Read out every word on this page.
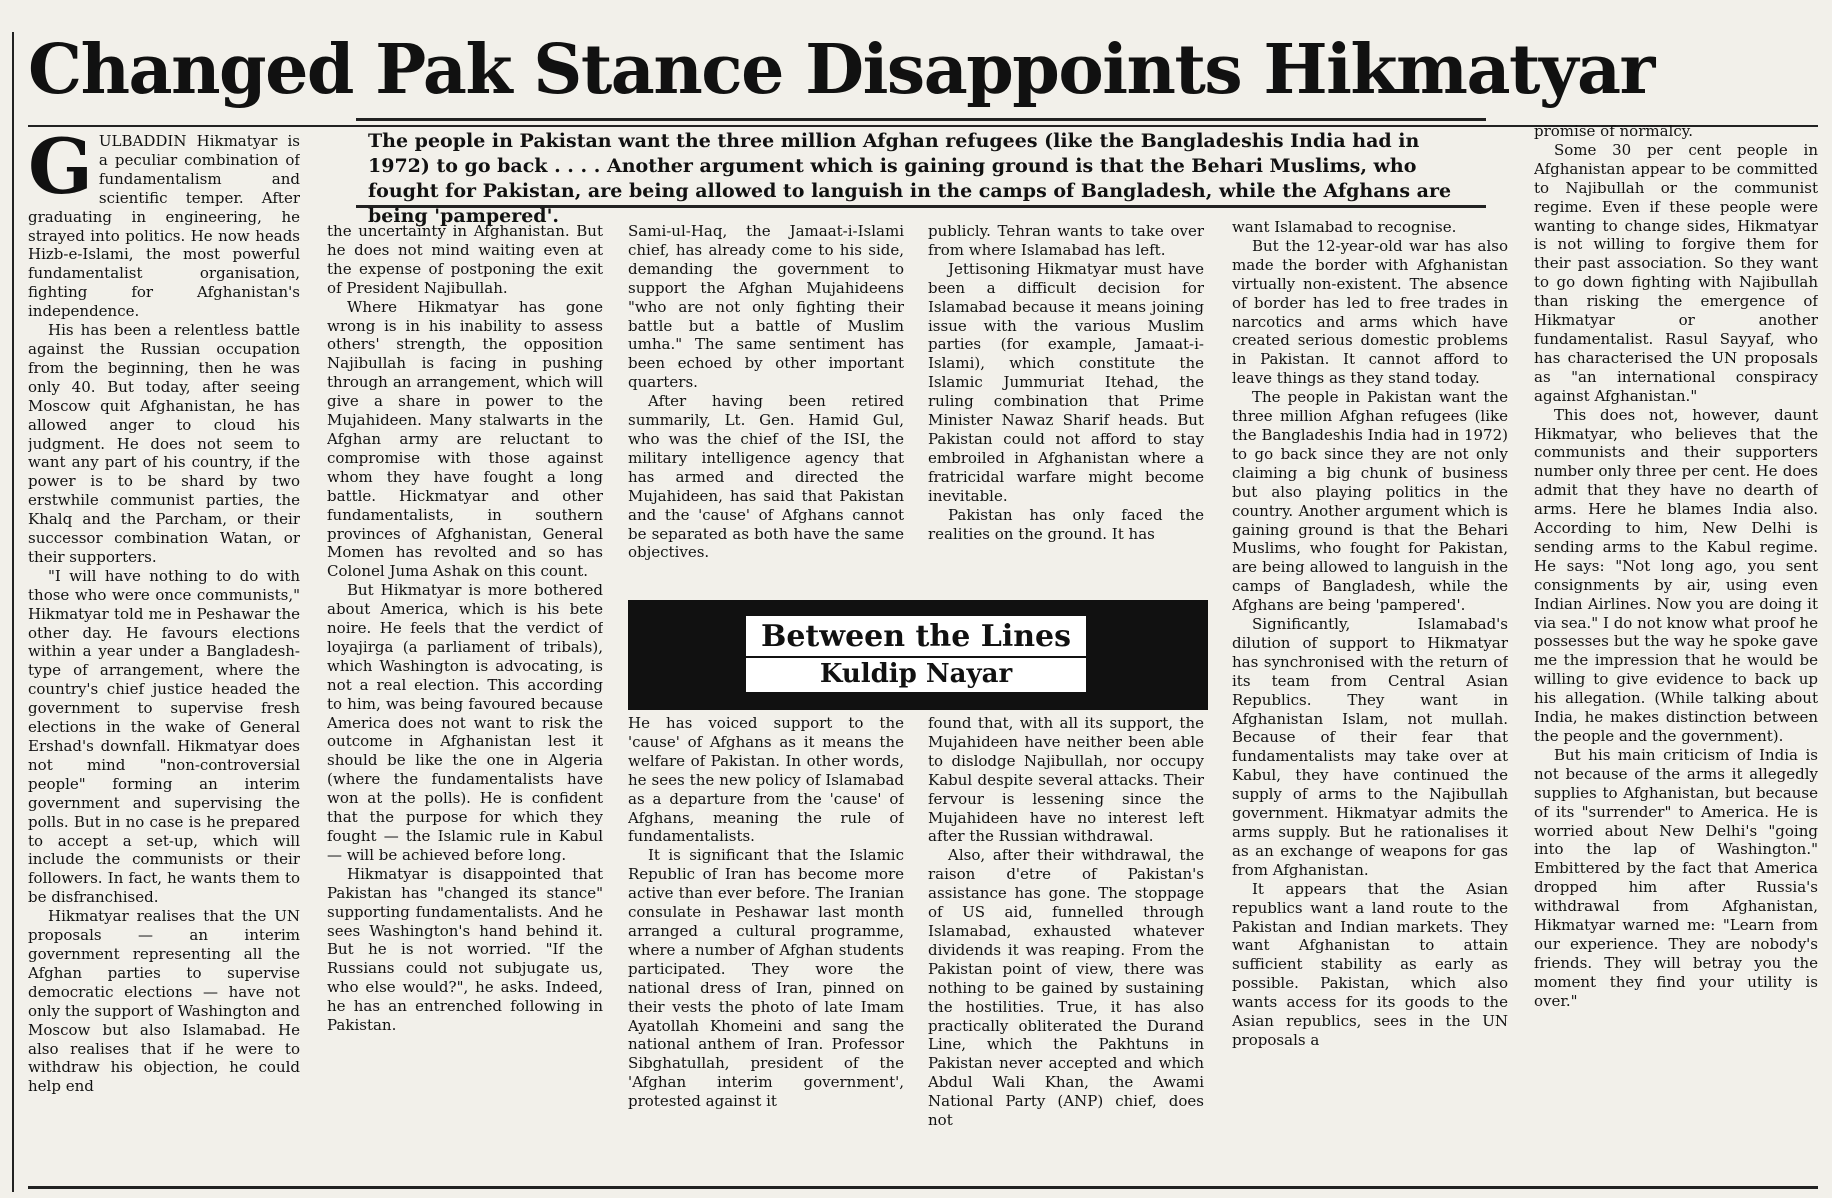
Changed Pak Stance Disappoints Hikmatyar

The people in Pakistan want the three million Afghan refugees (like the Bangladeshis India had in 1972) to go back . . . . Another argument which is gaining ground is that the Behari Muslims, who fought for Pakistan, are being allowed to languish in the camps of Bangladesh, while the Afghans are being 'pampered'.

G ULBADDIN Hikmatyar is a peculiar combination of fundamentalism and scientific temper. After graduating in engineering, he strayed into politics. He now heads Hizb-e-Islami, the most powerful fundamentalist organisation, fighting for Afghanistan's independence.

His has been a relentless battle against the Russian occupation from the beginning, then he was only 40. But today, after seeing Moscow quit Afghanistan, he has allowed anger to cloud his judgment. He does not seem to want any part of his country, if the power is to be shard by two erstwhile communist parties, the Khalq and the Parcham, or their successor combination Watan, or their supporters.

"I will have nothing to do with those who were once communists," Hikmatyar told me in Peshawar the other day. He favours elections within a year under a Bangladesh-type of arrangement, where the country's chief justice headed the government to supervise fresh elections in the wake of General Ershad's downfall. Hikmatyar does not mind "non-controversial people" forming an interim government and supervising the polls. But in no case is he prepared to accept a set-up, which will include the communists or their followers. In fact, he wants them to be disfranchised.

Hikmatyar realises that the UN proposals — an interim government representing all the Afghan parties to supervise democratic elections — have not only the support of Washington and Moscow but also Islamabad. He also realises that if he were to withdraw his objection, he could help end

the uncertainty in Afghanistan. But he does not mind waiting even at the expense of postponing the exit of President Najibullah.

Where Hikmatyar has gone wrong is in his inability to assess others' strength, the opposition Najibullah is facing in pushing through an arrangement, which will give a share in power to the Mujahideen. Many stalwarts in the Afghan army are reluctant to compromise with those against whom they have fought a long battle. Hickmatyar and other fundamentalists, in southern provinces of Afghanistan, General Momen has revolted and so has Colonel Juma Ashak on this count.

But Hikmatyar is more bothered about America, which is his bete noire. He feels that the verdict of loyajirga (a parliament of tribals), which Washington is advocating, is not a real election. This according to him, was being favoured because America does not want to risk the outcome in Afghanistan lest it should be like the one in Algeria (where the fundamentalists have won at the polls). He is confident that the purpose for which they fought — the Islamic rule in Kabul — will be achieved before long.

Hikmatyar is disappointed that Pakistan has "changed its stance" supporting fundamentalists. And he sees Washington's hand behind it. But he is not worried. "If the Russians could not subjugate us, who else would?", he asks. Indeed, he has an entrenched following in Pakistan.

Sami-ul-Haq, the Jamaat-i-Islami chief, has already come to his side, demanding the government to support the Afghan Mujahideens "who are not only fighting their battle but a battle of Muslim umha." The same sentiment has been echoed by other important quarters.

After having been retired summarily, Lt. Gen. Hamid Gul, who was the chief of the ISI, the military intelligence agency that has armed and directed the Mujahideen, has said that Pakistan and the 'cause' of Afghans cannot be separated as both have the same objectives.

publicly. Tehran wants to take over from where Islamabad has left.

Jettisoning Hikmatyar must have been a difficult decision for Islamabad because it means joining issue with the various Muslim parties (for example, Jamaat-i-Islami), which constitute the Islamic Jummuriat Itehad, the ruling combination that Prime Minister Nawaz Sharif heads. But Pakistan could not afford to stay embroiled in Afghanistan where a fratricidal warfare might become inevitable.

Pakistan has only faced the realities on the ground. It has

Between the Lines
Kuldip Nayar

He has voiced support to the 'cause' of Afghans as it means the welfare of Pakistan. In other words, he sees the new policy of Islamabad as a departure from the 'cause' of Afghans, meaning the rule of fundamentalists.

It is significant that the Islamic Republic of Iran has become more active than ever before. The Iranian consulate in Peshawar last month arranged a cultural programme, where a number of Afghan students participated. They wore the national dress of Iran, pinned on their vests the photo of late Imam Ayatollah Khomeini and sang the national anthem of Iran. Professor Sibghatullah, president of the 'Afghan interim government', protested against it

found that, with all its support, the Mujahideen have neither been able to dislodge Najibullah, nor occupy Kabul despite several attacks. Their fervour is lessening since the Mujahideen have no interest left after the Russian withdrawal.

Also, after their withdrawal, the raison d'etre of Pakistan's assistance has gone. The stoppage of US aid, funnelled through Islamabad, exhausted whatever dividends it was reaping. From the Pakistan point of view, there was nothing to be gained by sustaining the hostilities. True, it has also practically obliterated the Durand Line, which the Pakhtuns in Pakistan never accepted and which Abdul Wali Khan, the Awami National Party (ANP) chief, does not

want Islamabad to recognise.

But the 12-year-old war has also made the border with Afghanistan virtually non-existent. The absence of border has led to free trades in narcotics and arms which have created serious domestic problems in Pakistan. It cannot afford to leave things as they stand today.

The people in Pakistan want the three million Afghan refugees (like the Bangladeshis India had in 1972) to go back since they are not only claiming a big chunk of business but also playing politics in the country. Another argument which is gaining ground is that the Behari Muslims, who fought for Pakistan, are being allowed to languish in the camps of Bangladesh, while the Afghans are being 'pampered'.

Significantly, Islamabad's dilution of support to Hikmatyar has synchronised with the return of its team from Central Asian Republics. They want in Afghanistan Islam, not mullah. Because of their fear that fundamentalists may take over at Kabul, they have continued the supply of arms to the Najibullah government. Hikmatyar admits the arms supply. But he rationalises it as an exchange of weapons for gas from Afghanistan.

It appears that the Asian republics want a land route to the Pakistan and Indian markets. They want Afghanistan to attain sufficient stability as early as possible. Pakistan, which also wants access for its goods to the Asian republics, sees in the UN proposals a

promise of normalcy.

Some 30 per cent people in Afghanistan appear to be committed to Najibullah or the communist regime. Even if these people were wanting to change sides, Hikmatyar is not willing to forgive them for their past association. So they want to go down fighting with Najibullah than risking the emergence of Hikmatyar or another fundamentalist. Rasul Sayyaf, who has characterised the UN proposals as "an international conspiracy against Afghanistan."

This does not, however, daunt Hikmatyar, who believes that the communists and their supporters number only three per cent. He does admit that they have no dearth of arms. Here he blames India also. According to him, New Delhi is sending arms to the Kabul regime. He says: "Not long ago, you sent consignments by air, using even Indian Airlines. Now you are doing it via sea." I do not know what proof he possesses but the way he spoke gave me the impression that he would be willing to give evidence to back up his allegation. (While talking about India, he makes distinction between the people and the government).

But his main criticism of India is not because of the arms it allegedly supplies to Afghanistan, but because of its "surrender" to America. He is worried about New Delhi's "going into the lap of Washington." Embittered by the fact that America dropped him after Russia's withdrawal from Afghanistan, Hikmatyar warned me: "Learn from our experience. They are nobody's friends. They will betray you the moment they find your utility is over."
